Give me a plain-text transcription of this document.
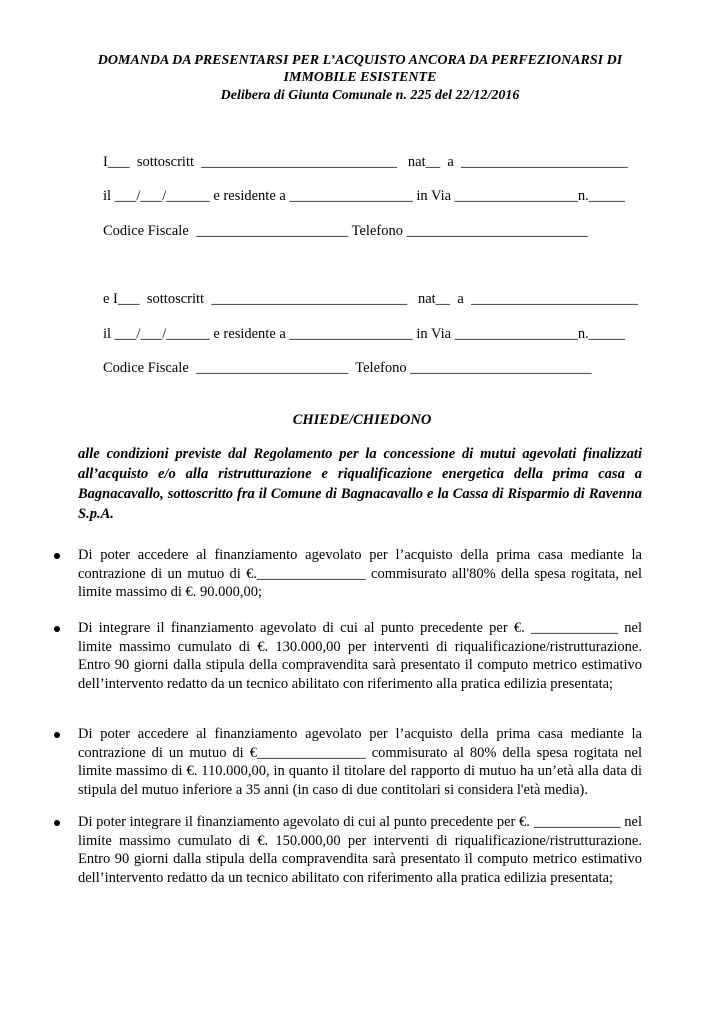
DOMANDA DA PRESENTARSI PER L’ACQUISTO ANCORA DA PERFEZIONARSI DI
IMMOBILE ESISTENTE
Delibera di Giunta Comunale n. 225 del 22/12/2016
I___  sottoscritt  ___________________________   nat__  a  _______________________
il ___/___/______ e residente a _________________ in Via _________________n._____
Codice Fiscale  _____________________ Telefono _________________________
e I___  sottoscritt  ___________________________   nat__  a  _______________________
il ___/___/______ e residente a _________________ in Via _________________n._____
Codice Fiscale  _____________________  Telefono _________________________
CHIEDE/CHIEDONO
alle condizioni previste dal Regolamento per la concessione di mutui agevolati finalizzati all’acquisto e/o alla ristrutturazione e riqualificazione energetica della prima casa a Bagnacavallo, sottoscritto fra il Comune di Bagnacavallo e la Cassa di Risparmio di Ravenna S.p.A.
Di poter accedere al finanziamento agevolato per l’acquisto della prima casa mediante la contrazione di un mutuo di €._______________ commisurato all'80% della spesa rogitata, nel limite massimo di €. 90.000,00;
Di integrare il finanziamento agevolato di cui al punto precedente per €. ____________ nel limite massimo cumulato di €. 130.000,00 per interventi di riqualificazione/ristrutturazione. Entro 90 giorni dalla stipula della compravendita sarà presentato il computo metrico estimativo dell’intervento redatto da un tecnico abilitato con riferimento alla pratica edilizia presentata;
Di poter accedere al finanziamento agevolato per l’acquisto della prima casa mediante la contrazione di un mutuo di €_______________ commisurato al 80% della spesa rogitata nel limite massimo di €. 110.000,00, in quanto il titolare del rapporto di mutuo ha un’età alla data di stipula del mutuo inferiore a 35 anni (in caso di due contitolari si considera l'età media).
Di poter integrare il finanziamento agevolato di cui al punto precedente per €. ____________ nel limite massimo cumulato di €. 150.000,00 per interventi di riqualificazione/ristrutturazione. Entro 90 giorni dalla stipula della compravendita sarà presentato il computo metrico estimativo dell’intervento redatto da un tecnico abilitato con riferimento alla pratica edilizia presentata;
